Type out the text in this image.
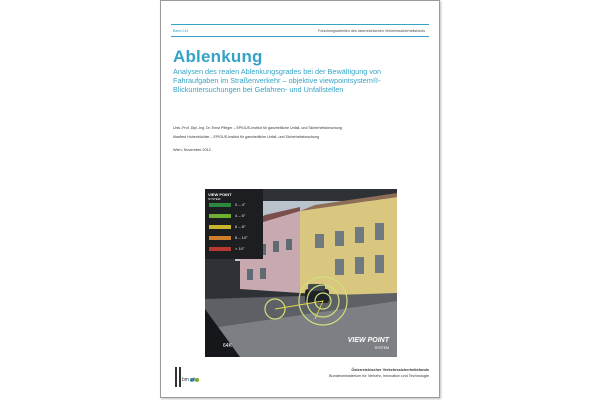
Band 014	Forschungsarbeiten des österreichischen Verkehrssicherheitsfonds
Ablenkung
Analysen des realen Ablenkungsgrades bei der Bewältigung von
Fahraufgaben im Straßenverkehr – objektive viewpointsystem®-
Blickuntersuchungen bei Gefahren- und Unfallstellen
Univ.-Prof. Dipl.-Ing. Dr. Ernst Pfleger – EPIGUS-Institut für ganzheitliche Unfall- und Sicherheitsforschung
Manfred Hohenbüchler – EPIGUS-Institut für ganzheitliche Unfall- und Sicherheitsforschung
Wien, November 2012
VIEW POINT
SYSTEM
0 – 4°
4 – 6°
6 – 8°
8 – 10°
> 10°
64K
VIEW POINT
SYSTEM
bm vit
Österreichischer Verkehrssicherheitsfonds
Bundesministerium für Verkehr, Innovation und Technologie
